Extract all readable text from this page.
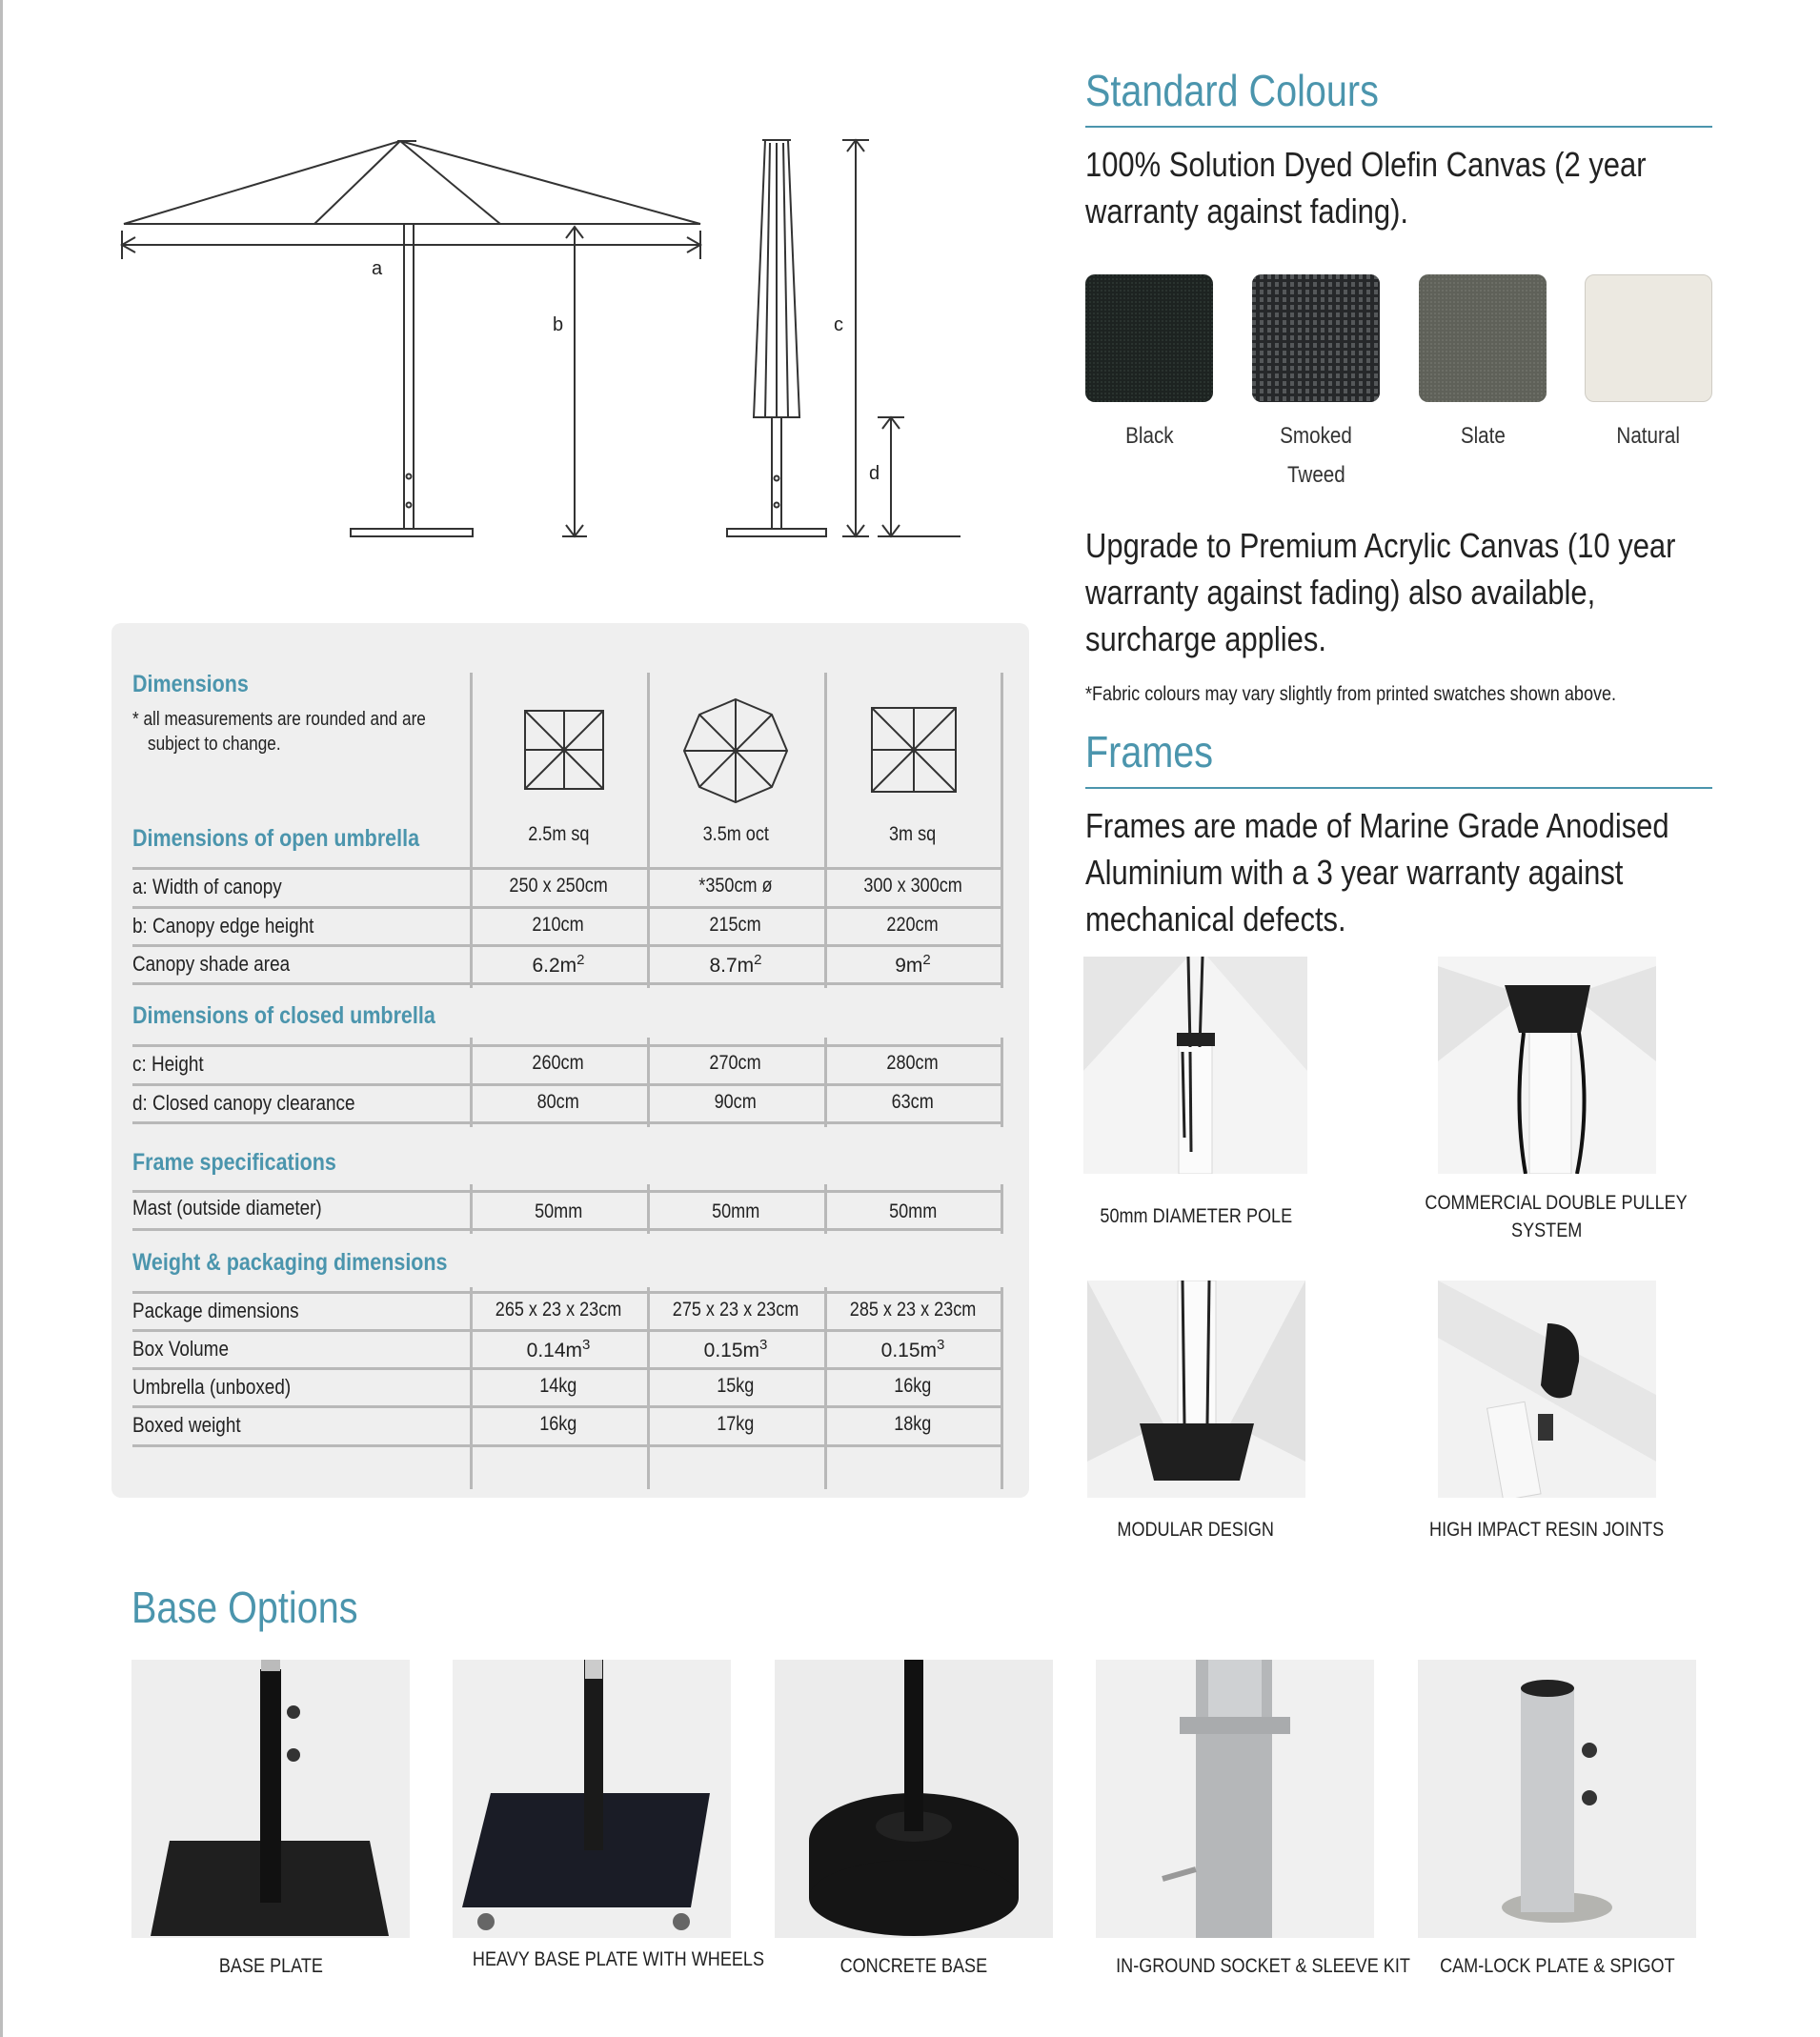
a
b	c
d
Dimensions
* all measurements are rounded and are
subject to change.
Dimensions of open umbrella	2.5m sq	3.5m oct	3m sq
a: Width of canopy	250 x 250cm	*350cm ø	300 x 300cm
b: Canopy edge height	210cm	215cm	220cm
Canopy shade area	$6.2m^2$	$8.7m^2$	$9m^2$
Dimensions of closed umbrella
c: Height	260cm	270cm	280cm
d: Closed canopy clearance	80cm	90cm	63cm
Frame specifications
Mast (outside diameter)	50mm	50mm	50mm
Weight & packaging dimensions
Package dimensions	265 x 23 x 23cm	275 x 23 x 23cm	285 x 23 x 23cm
Box Volume	$0.14m^3$	$0.15m^3$	$0.15m^3$
Umbrella (unboxed)	14kg	15kg	16kg
Boxed weight	16kg	17kg	18kg
Standard Colours
100% Solution Dyed Olefin Canvas (2 year
warranty against fading).
Black	Smoked
Tweed
Slate	Natural
Upgrade to Premium Acrylic Canvas (10 year
warranty against fading) also available,
surcharge applies.
*Fabric colours may vary slightly from printed swatches shown above.
Frames
Frames are made of Marine Grade Anodised
Aluminium with a 3 year warranty against
mechanical defects.
50mm DIAMETER POLE
COMMERCIAL DOUBLE PULLEY
SYSTEM
MODULAR DESIGN	HIGH IMPACT RESIN JOINTS
Base Options
BASE PLATE	HEAVY BASE PLATE WITH WHEELS	CONCRETE BASE	IN-GROUND SOCKET & SLEEVE KIT	CAM-LOCK PLATE & SPIGOT
